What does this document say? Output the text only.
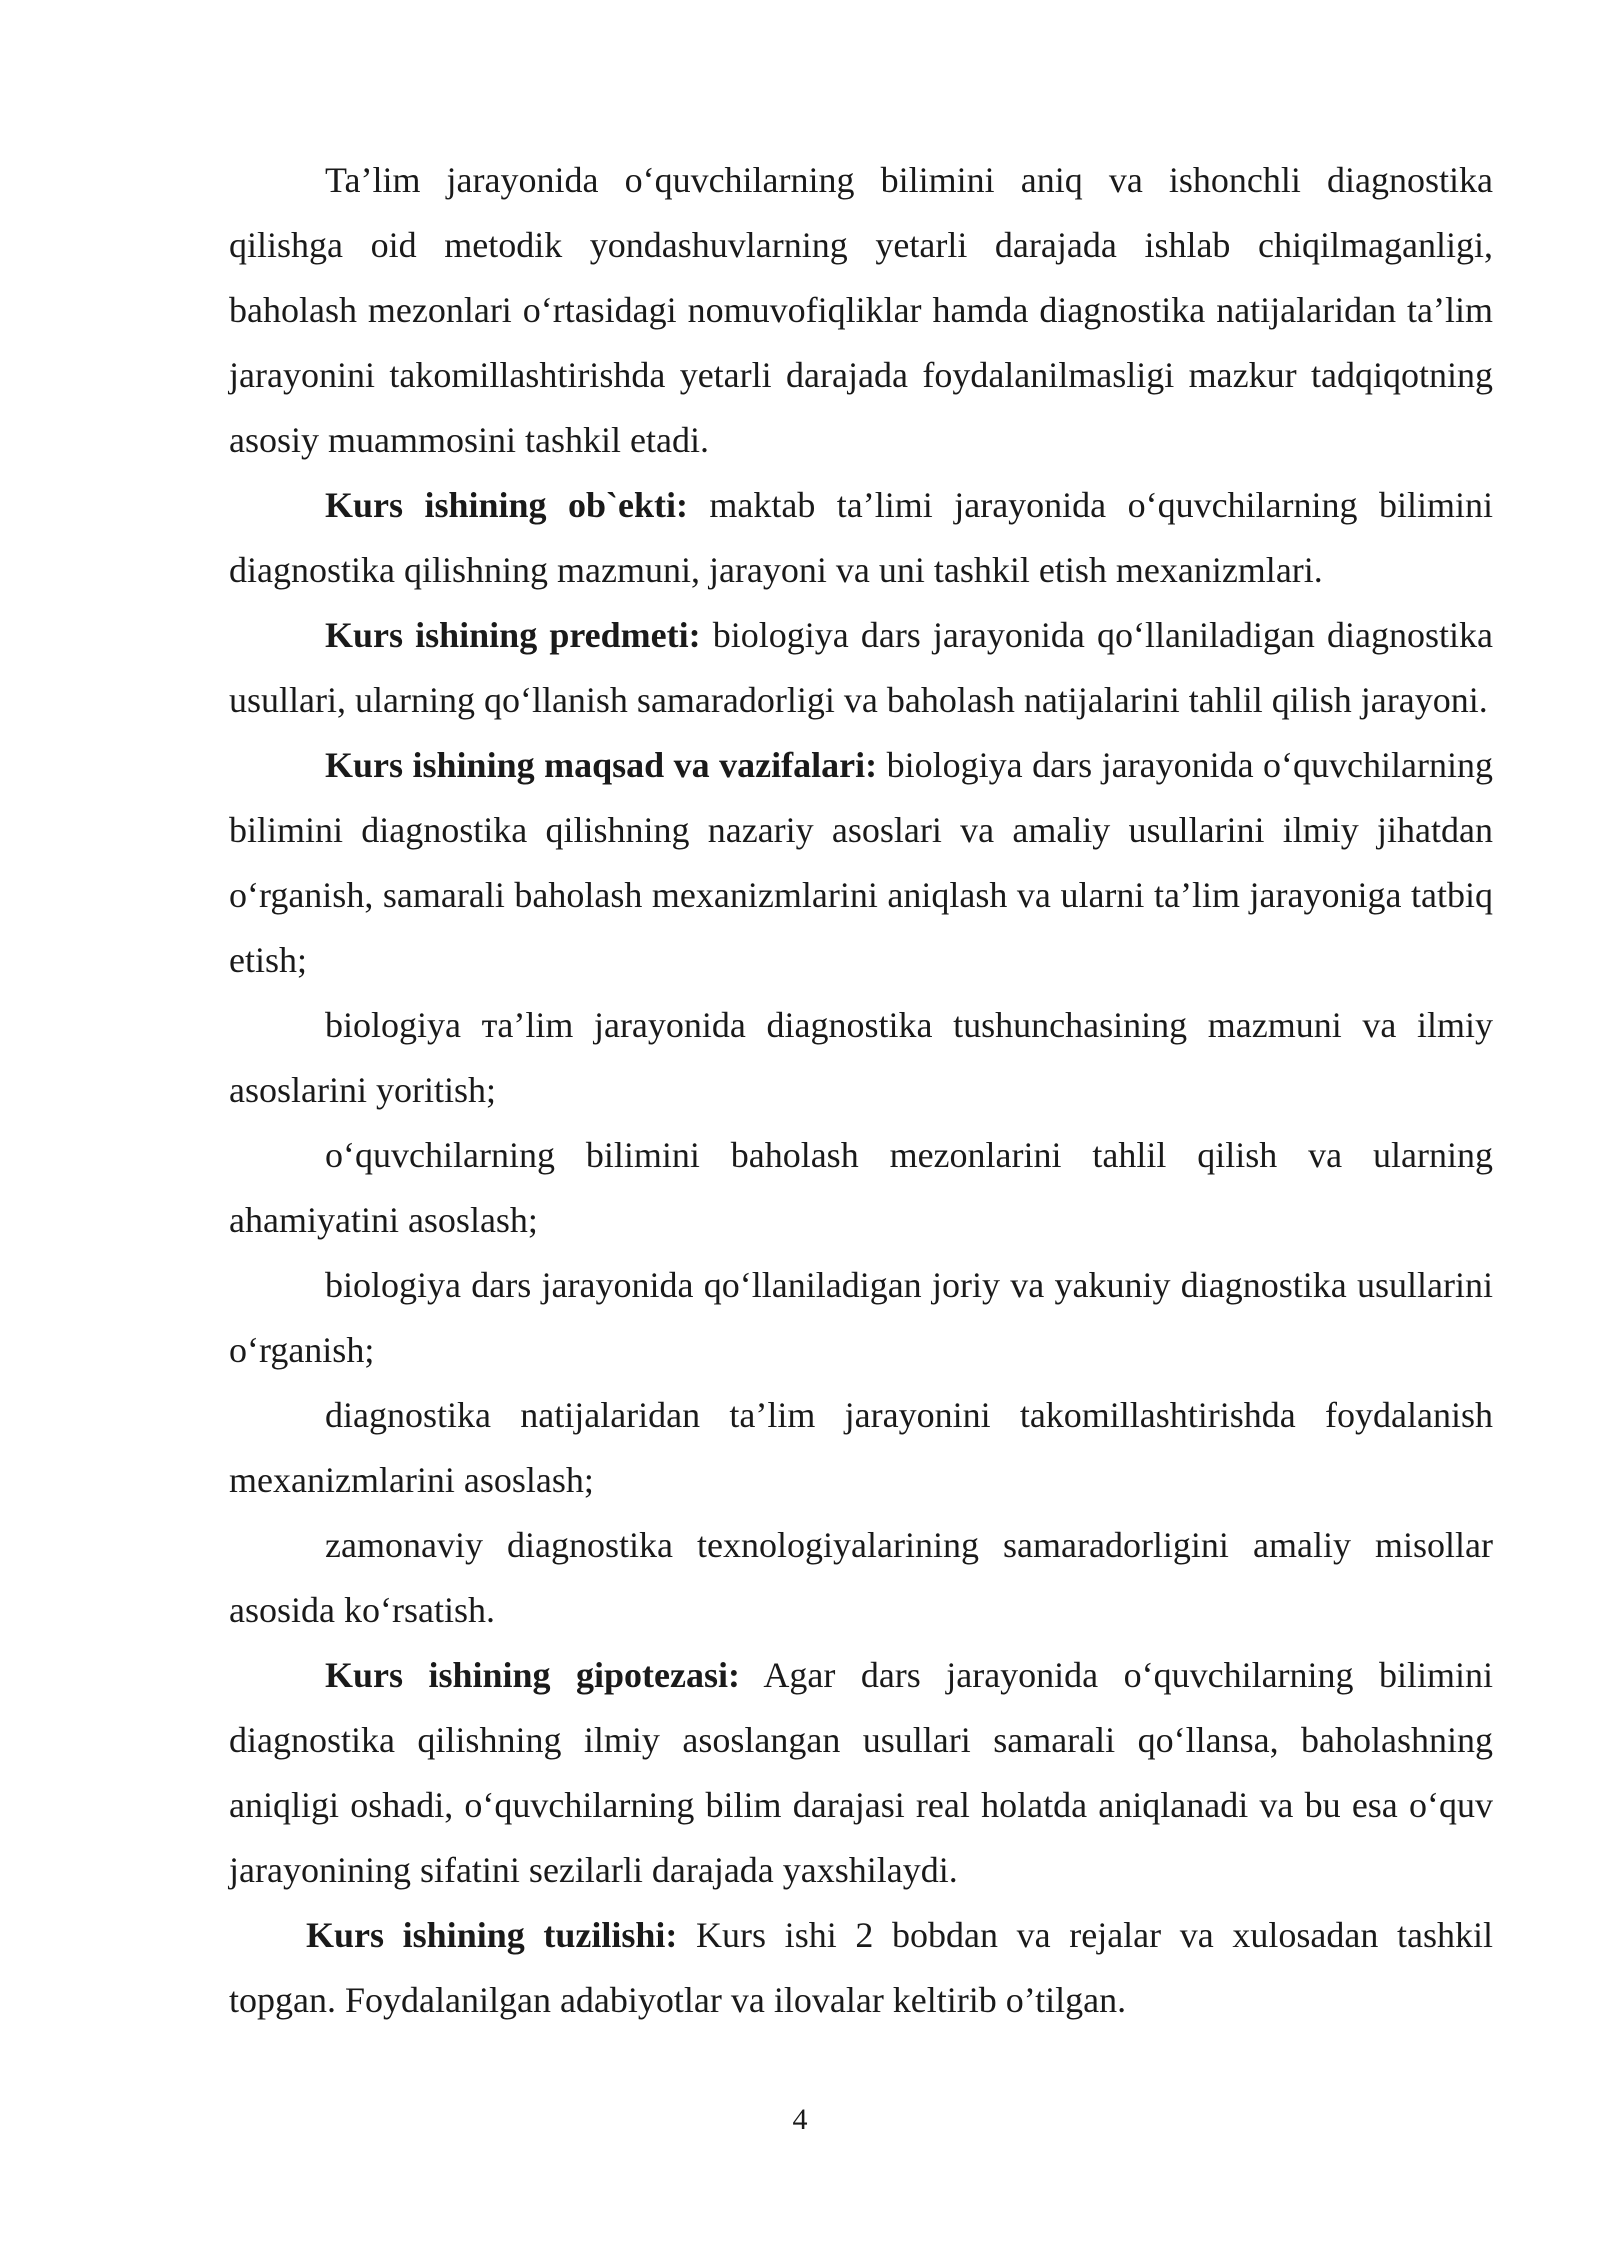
Ta’lim jarayonida o‘quvchilarning bilimini aniq va ishonchli diagnostika qilishga oid metodik yondashuvlarning yetarli darajada ishlab chiqilmaganligi, baholash mezonlari o‘rtasidagi nomuvofiqliklar hamda diagnostika natijalaridan ta’lim jarayonini takomillashtirishda yetarli darajada foydalanilmasligi mazkur tadqiqotning asosiy muammosini tashkil etadi.

Kurs ishining ob`ekti: maktab ta’limi jarayonida o‘quvchilarning bilimini diagnostika qilishning mazmuni, jarayoni va uni tashkil etish mexanizmlari.

Kurs ishining predmeti: biologiya dars jarayonida qo‘llaniladigan diagnostika usullari, ularning qo‘llanish samaradorligi va baholash natijalarini tahlil qilish jarayoni.

Kurs ishining maqsad va vazifalari: biologiya dars jarayonida o‘quvchilarning bilimini diagnostika qilishning nazariy asoslari va amaliy usullarini ilmiy jihatdan o‘rganish, samarali baholash mexanizmlarini aniqlash va ularni ta’lim jarayoniga tatbiq etish;

biologiya тa’lim jarayonida diagnostika tushunchasining mazmuni va ilmiy asoslarini yoritish;

o‘quvchilarning bilimini baholash mezonlarini tahlil qilish va ularning ahamiyatini asoslash;

biologiya dars jarayonida qo‘llaniladigan joriy va yakuniy diagnostika usullarini o‘rganish;

diagnostika natijalaridan ta’lim jarayonini takomillashtirishda foydalanish mexanizmlarini asoslash;

zamonaviy diagnostika texnologiyalarining samaradorligini amaliy misollar asosida ko‘rsatish.

Kurs ishining gipotezasi: Agar dars jarayonida o‘quvchilarning bilimini diagnostika qilishning ilmiy asoslangan usullari samarali qo‘llansa, baholashning aniqligi oshadi, o‘quvchilarning bilim darajasi real holatda aniqlanadi va bu esa o‘quv jarayonining sifatini sezilarli darajada yaxshilaydi.

Kurs ishining tuzilishi: Kurs ishi 2 bobdan va rejalar va xulosadan tashkil topgan. Foydalanilgan adabiyotlar va ilovalar keltirib o’tilgan.

4
